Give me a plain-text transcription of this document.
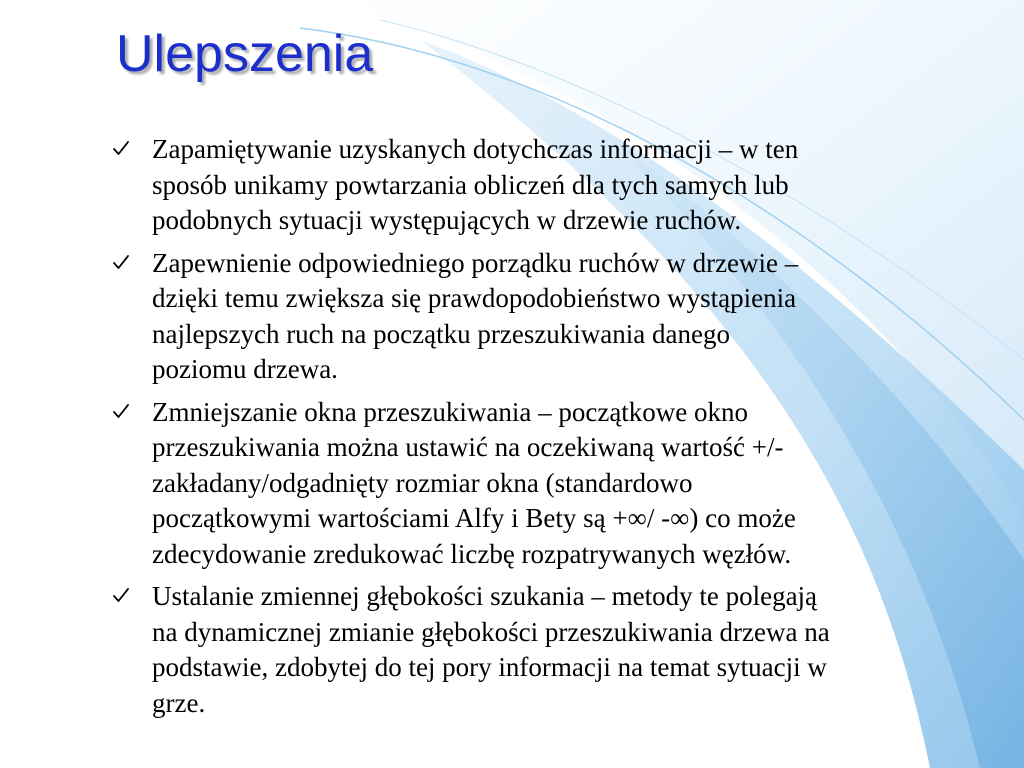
Ulepszenia
Zapamiętywanie uzyskanych dotychczas informacji – w ten
sposób unikamy powtarzania obliczeń dla tych samych lub
podobnych sytuacji występujących w drzewie ruchów.
Zapewnienie odpowiedniego porządku ruchów w drzewie –
dzięki temu zwiększa się prawdopodobieństwo wystąpienia
najlepszych ruch na początku przeszukiwania danego
poziomu drzewa.
Zmniejszanie okna przeszukiwania – początkowe okno
przeszukiwania można ustawić na oczekiwaną wartość +/-
zakładany/odgadnięty rozmiar okna (standardowo
początkowymi wartościami Alfy i Bety są +∞/ -∞) co może
zdecydowanie zredukować liczbę rozpatrywanych węzłów.
Ustalanie zmiennej głębokości szukania – metody te polegają
na dynamicznej zmianie głębokości przeszukiwania drzewa na
podstawie, zdobytej do tej pory informacji na temat sytuacji w
grze.
